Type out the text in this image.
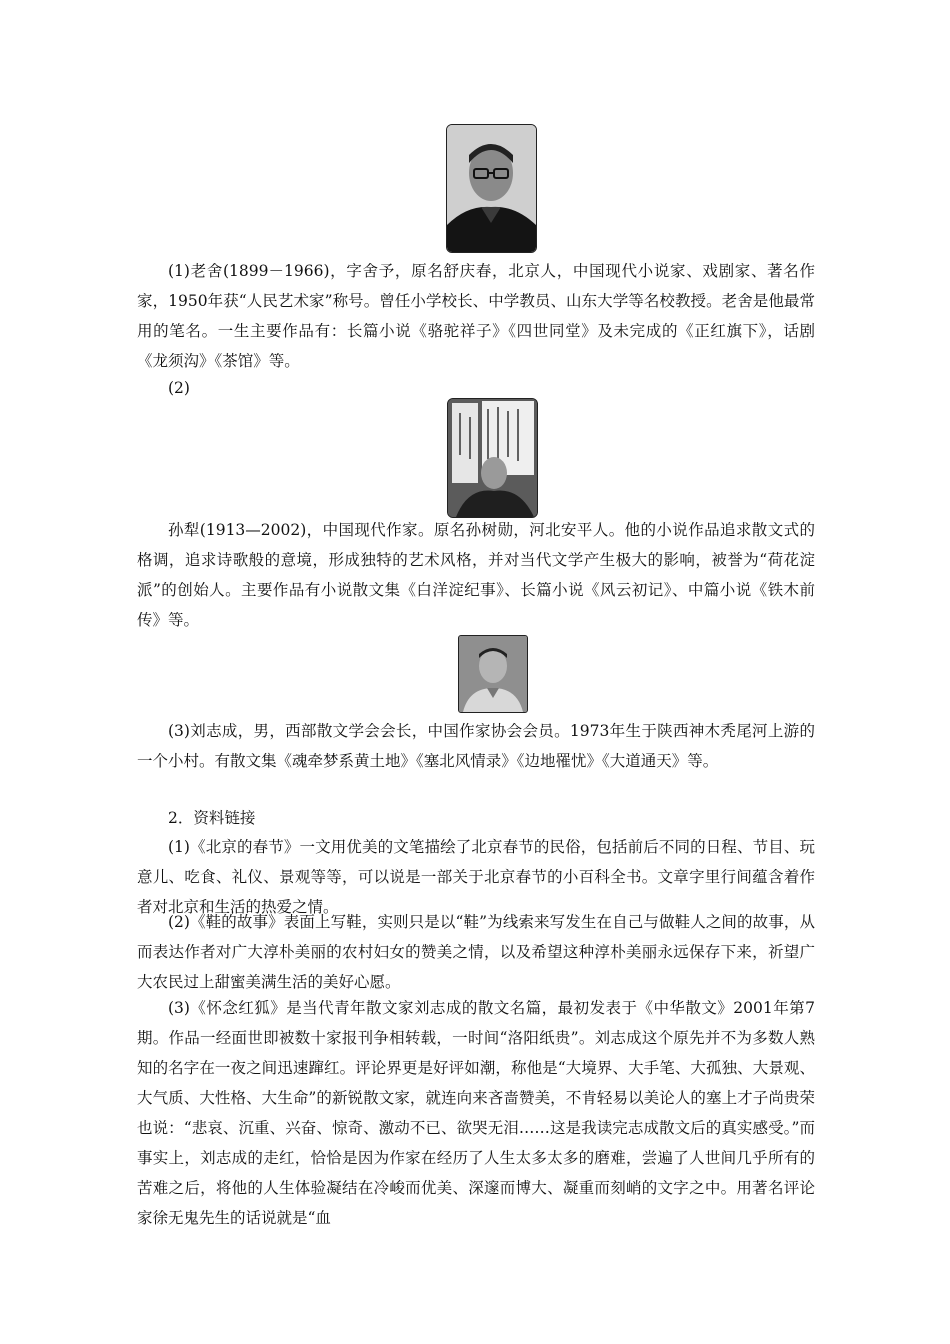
(1)老舍(1899－1966)，字舍予，原名舒庆春，北京人，中国现代小说家、戏剧家、著名作家，1950年获“人民艺术家”称号。曾任小学校长、中学教员、山东大学等名校教授。老舍是他最常用的笔名。一生主要作品有：长篇小说《骆驼祥子》《四世同堂》及未完成的《正红旗下》，话剧《龙须沟》《茶馆》等。
(2)
孙犁(1913—2002)，中国现代作家。原名孙树勋，河北安平人。他的小说作品追求散文式的格调，追求诗歌般的意境，形成独特的艺术风格，并对当代文学产生极大的影响，被誉为“荷花淀派”的创始人。主要作品有小说散文集《白洋淀纪事》、长篇小说《风云初记》、中篇小说《铁木前传》等。
(3)刘志成，男，西部散文学会会长，中国作家协会会员。1973年生于陕西神木秃尾河上游的一个小村。有散文集《魂牵梦系黄土地》《塞北风情录》《边地罹忧》《大道通天》等。
2．资料链接
(1)《北京的春节》一文用优美的文笔描绘了北京春节的民俗，包括前后不同的日程、节目、玩意儿、吃食、礼仪、景观等等，可以说是一部关于北京春节的小百科全书。文章字里行间蕴含着作者对北京和生活的热爱之情。
(2)《鞋的故事》表面上写鞋，实则只是以“鞋”为线索来写发生在自己与做鞋人之间的故事，从而表达作者对广大淳朴美丽的农村妇女的赞美之情，以及希望这种淳朴美丽永远保存下来，祈望广大农民过上甜蜜美满生活的美好心愿。
(3)《怀念红狐》是当代青年散文家刘志成的散文名篇，最初发表于《中华散文》2001年第7期。作品一经面世即被数十家报刊争相转载，一时间“洛阳纸贵”。刘志成这个原先并不为多数人熟知的名字在一夜之间迅速蹿红。评论界更是好评如潮，称他是“大境界、大手笔、大孤独、大景观、大气质、大性格、大生命”的新锐散文家，就连向来吝啬赞美，不肯轻易以美论人的塞上才子尚贵荣也说：“悲哀、沉重、兴奋、惊奇、激动不已、欲哭无泪……这是我读完志成散文后的真实感受。”而事实上，刘志成的走红，恰恰是因为作家在经历了人生太多太多的磨难，尝遍了人世间几乎所有的苦难之后，将他的人生体验凝结在冷峻而优美、深邃而博大、凝重而刻峭的文字之中。用著名评论家徐无鬼先生的话说就是“血
